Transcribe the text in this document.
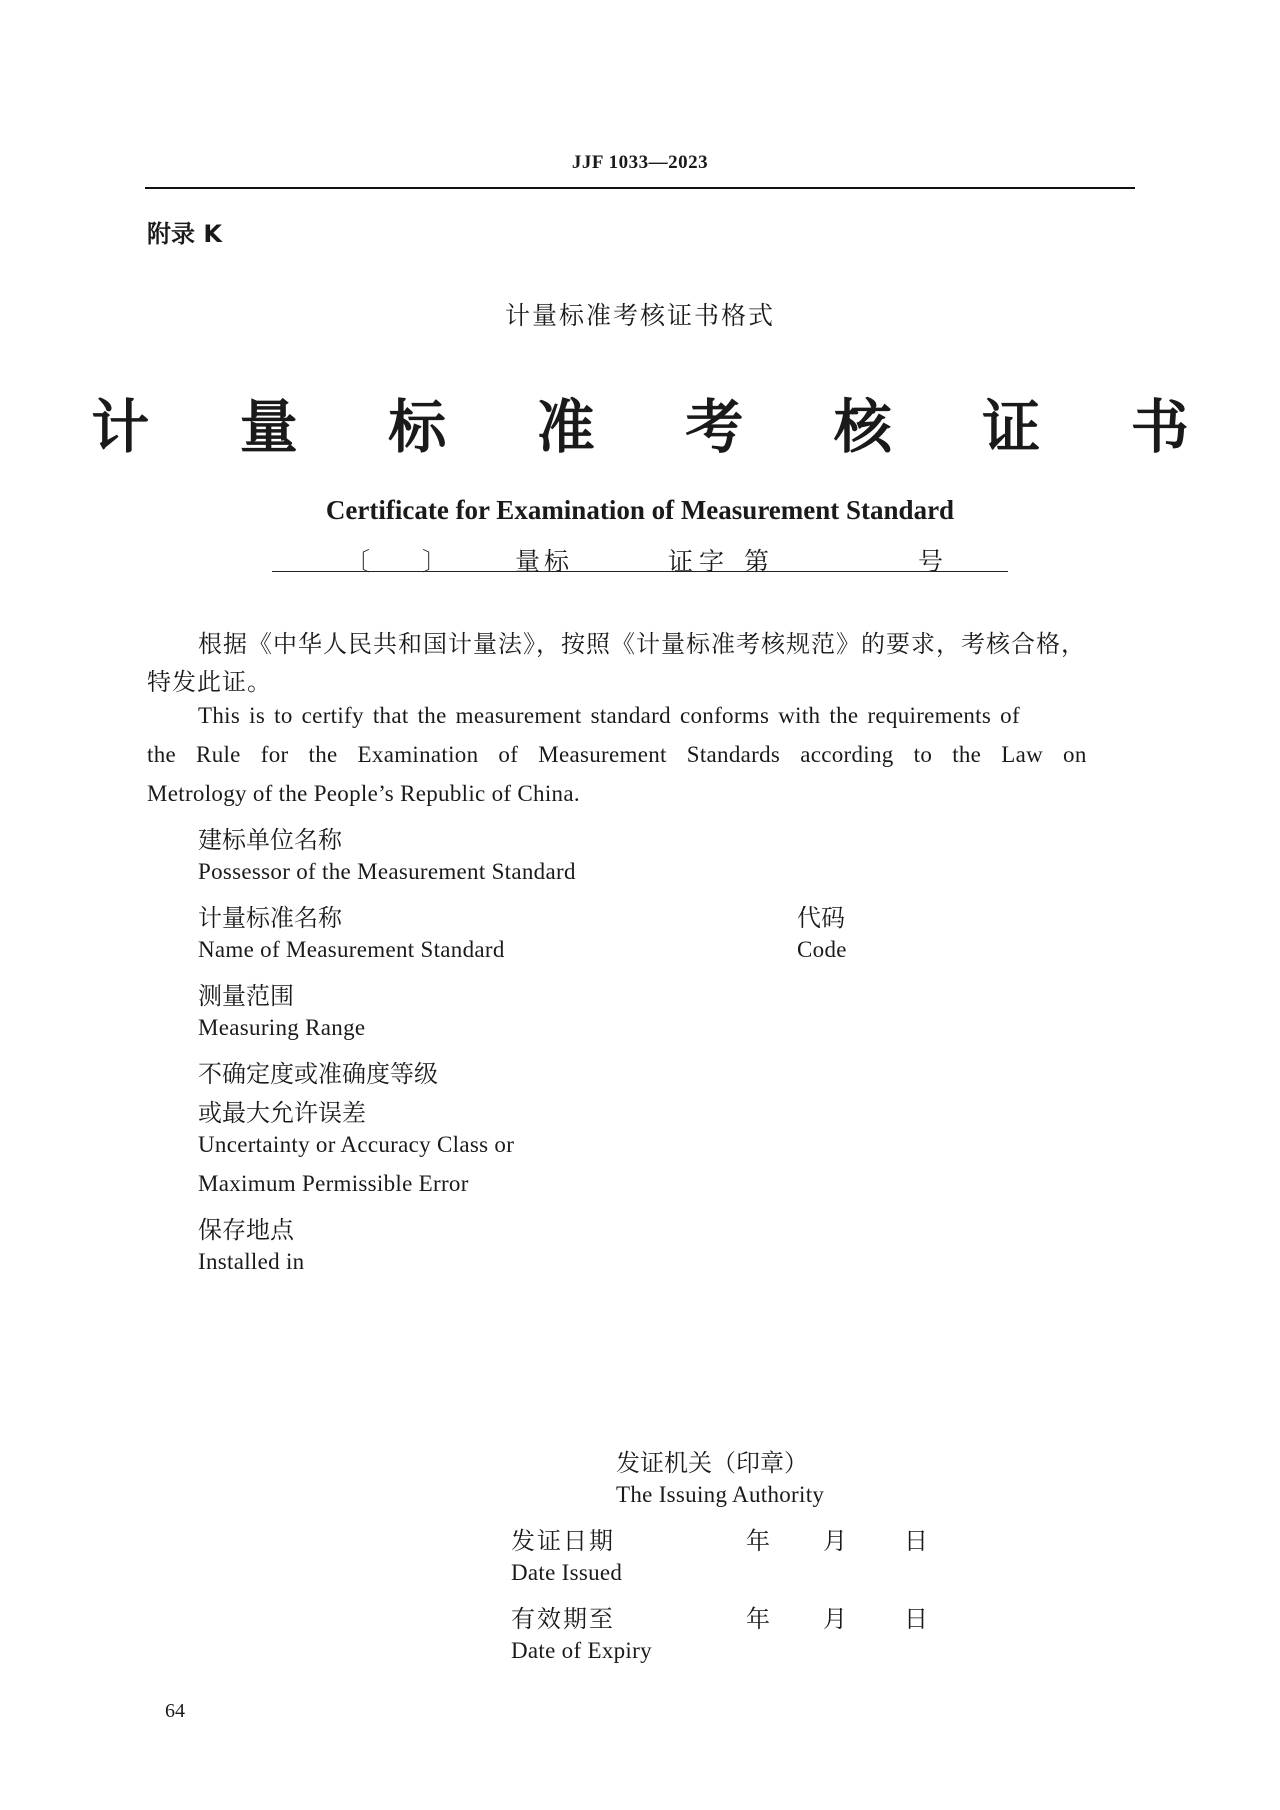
JJF 1033—2023
附录 K
计量标准考核证书格式
计 量 标 准 考 核 证 书
Certificate for Examination of Measurement Standard
〔 〕	量标	证字 第	号
根据《中华人民共和国计量法》，按照《计量标准考核规范》的要求，考核合格，
特发此证。
This is to certify that the measurement standard conforms with the requirements of
the Rule for the Examination of Measurement Standards according to the Law on
Metrology of the People’s Republic of China.
建标单位名称
Possessor of the Measurement Standard
计量标准名称
Name of Measurement Standard
代码
Code
测量范围
Measuring Range
不确定度或准确度等级
或最大允许误差
Uncertainty or Accuracy Class or
Maximum Permissible Error
保存地点
Installed in
发证机关（印章）
The Issuing Authority
发证日期	年 月 日
Date Issued
有效期至	年 月 日
Date of Expiry
64
